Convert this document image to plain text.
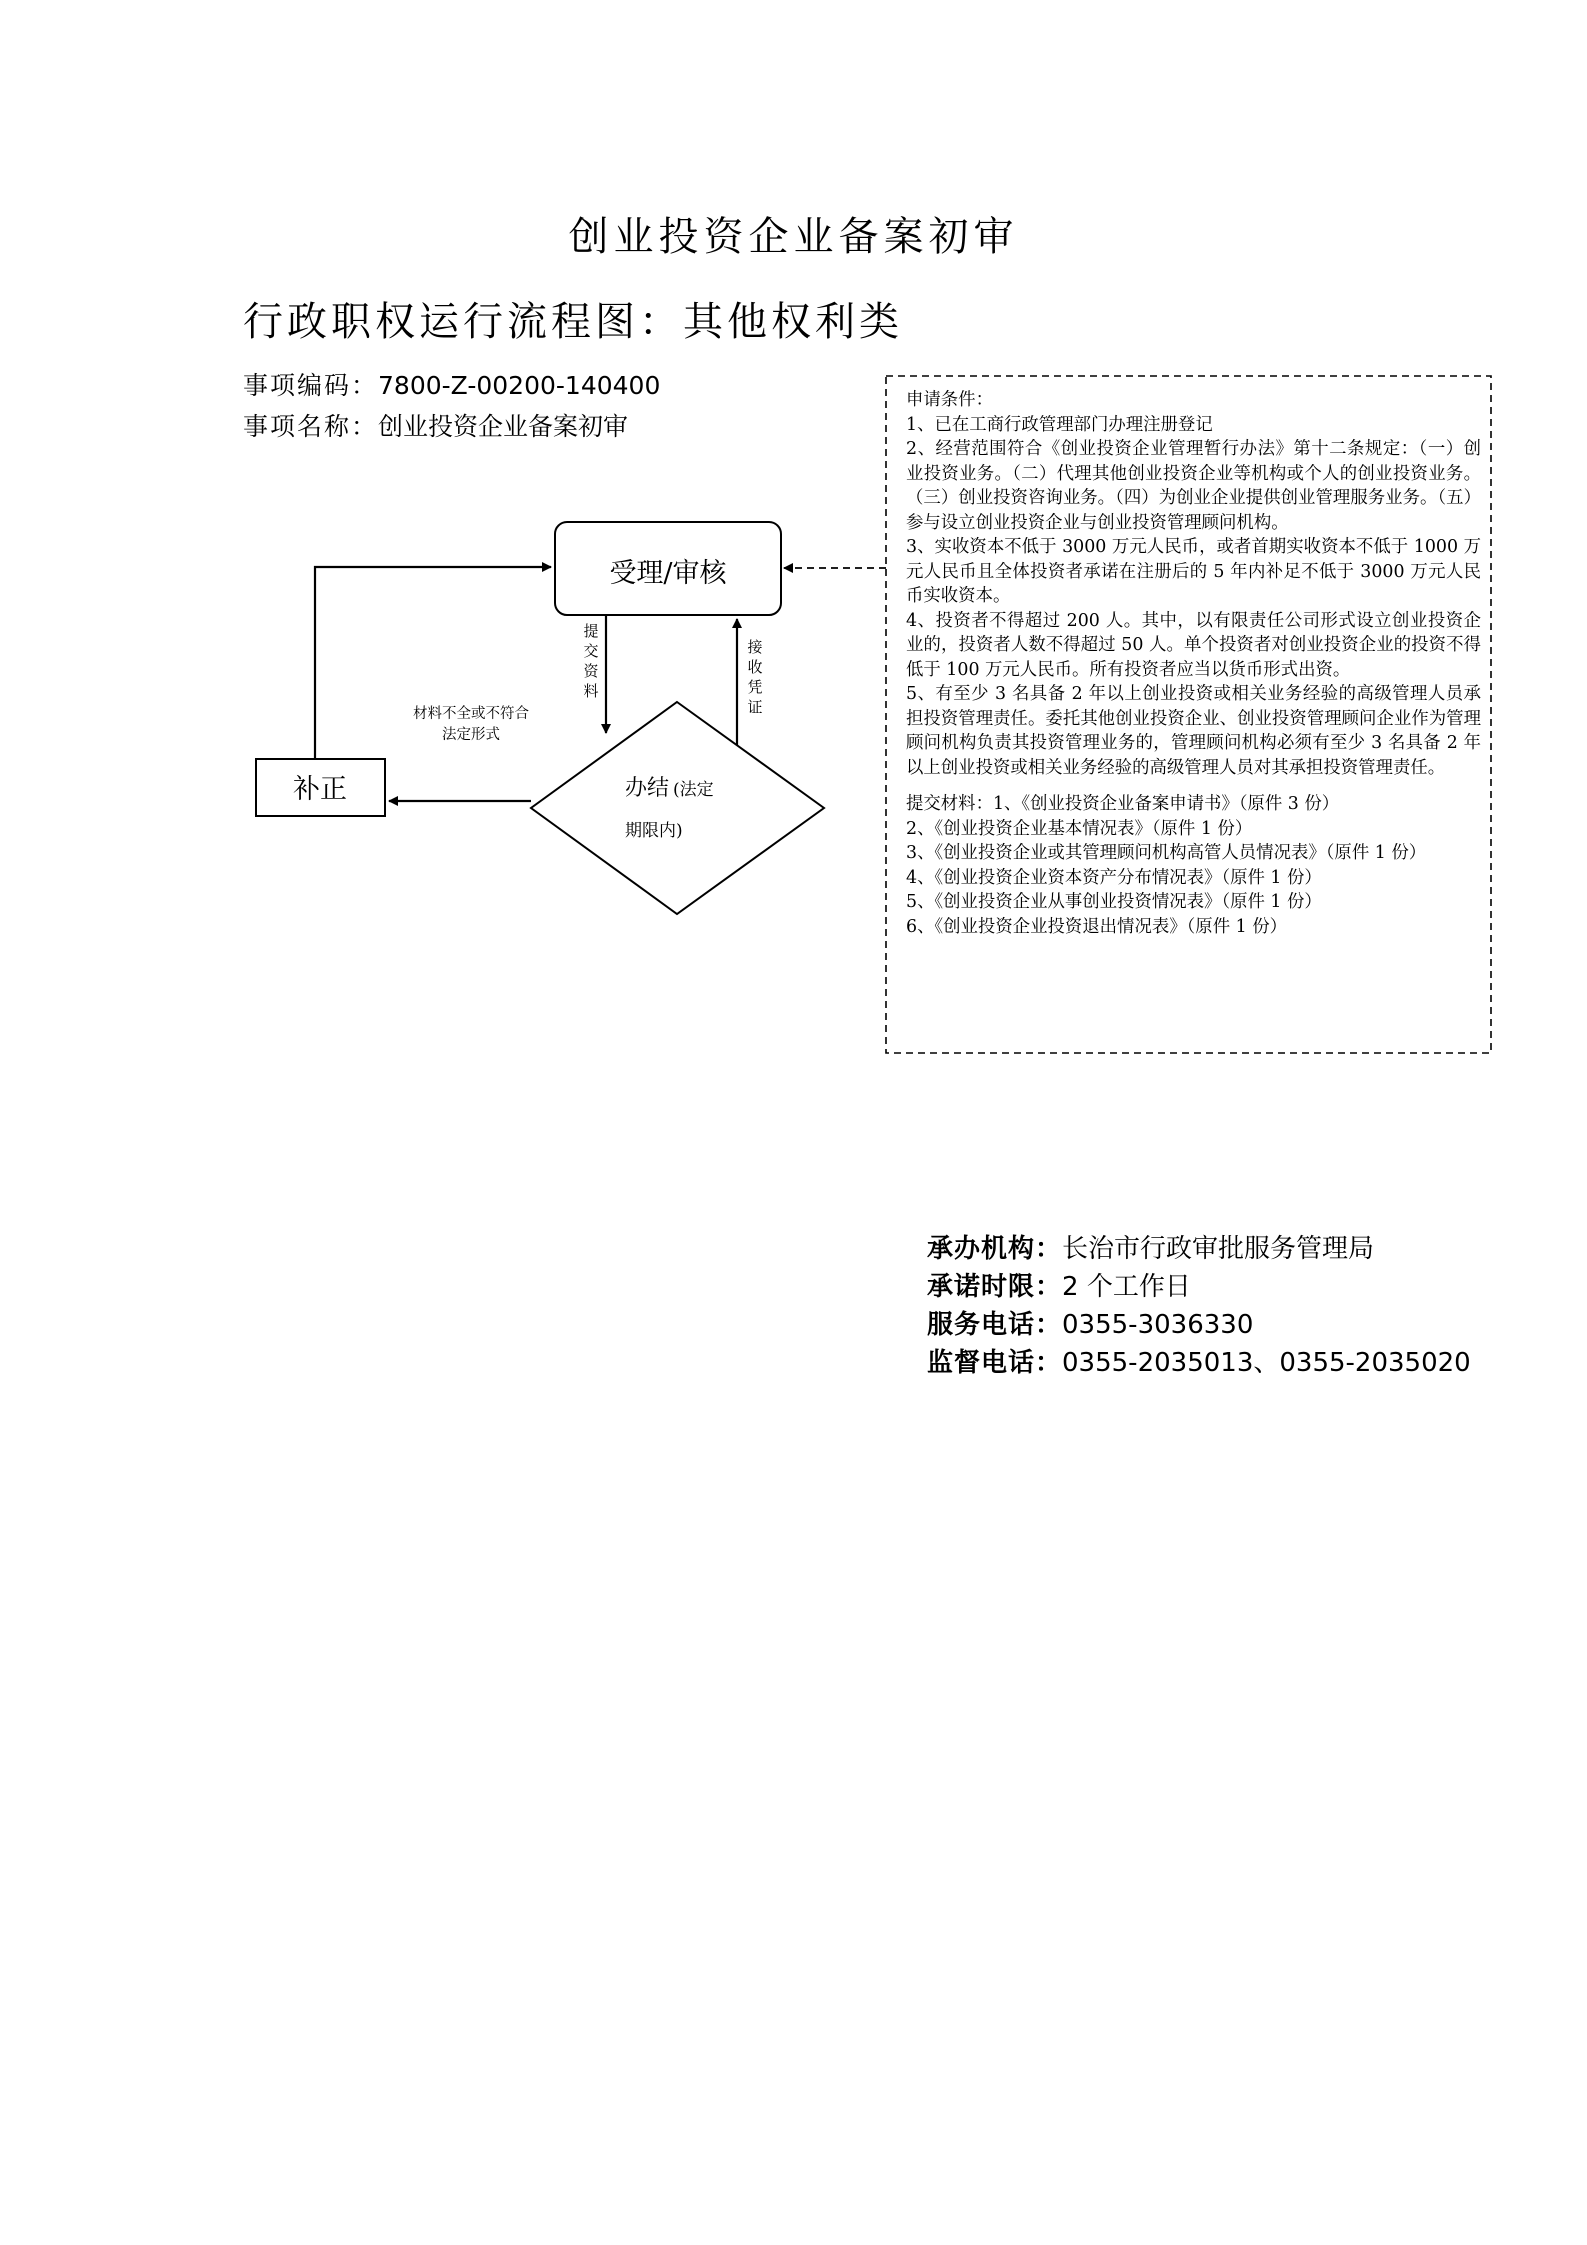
创业投资企业备案初审
行政职权运行流程图：其他权利类
事项编码：7800-Z-00200-140400
事项名称：创业投资企业备案初审
受理/审核
提
交
资
料
接
收
凭
证
办结 (法定
期限内)
材料不全或不符合
法定形式
补正
申请条件：
1、已在工商行政管理部门办理注册登记
2、经营范围符合《创业投资企业管理暂行办法》第十二条规定：（一）创业投资业务。（二）代理其他创业投资企业等机构或个人的创业投资业务。（三）创业投资咨询业务。（四）为创业企业提供创业管理服务业务。（五）参与设立创业投资企业与创业投资管理顾问机构。
3、实收资本不低于 3000 万元人民币，或者首期实收资本不低于 1000 万元人民币且全体投资者承诺在注册后的 5 年内补足不低于 3000 万元人民币实收资本。
4、投资者不得超过 200 人。其中，以有限责任公司形式设立创业投资企业的，投资者人数不得超过 50 人。单个投资者对创业投资企业的投资不得低于 100 万元人民币。所有投资者应当以货币形式出资。
5、有至少 3 名具备 2 年以上创业投资或相关业务经验的高级管理人员承担投资管理责任。委托其他创业投资企业、创业投资管理顾问企业作为管理顾问机构负责其投资管理业务的，管理顾问机构必须有至少 3 名具备 2 年以上创业投资或相关业务经验的高级管理人员对其承担投资管理责任。
提交材料：1、《创业投资企业备案申请书》（原件 3 份）
2、《创业投资企业基本情况表》（原件 1 份）
3、《创业投资企业或其管理顾问机构高管人员情况表》（原件 1 份）
4、《创业投资企业资本资产分布情况表》（原件 1 份）
5、《创业投资企业从事创业投资情况表》（原件 1 份）
6、《创业投资企业投资退出情况表》（原件 1 份）
承办机构：长治市行政审批服务管理局
承诺时限：2 个工作日
服务电话：0355-3036330
监督电话：0355-2035013、0355-2035020
